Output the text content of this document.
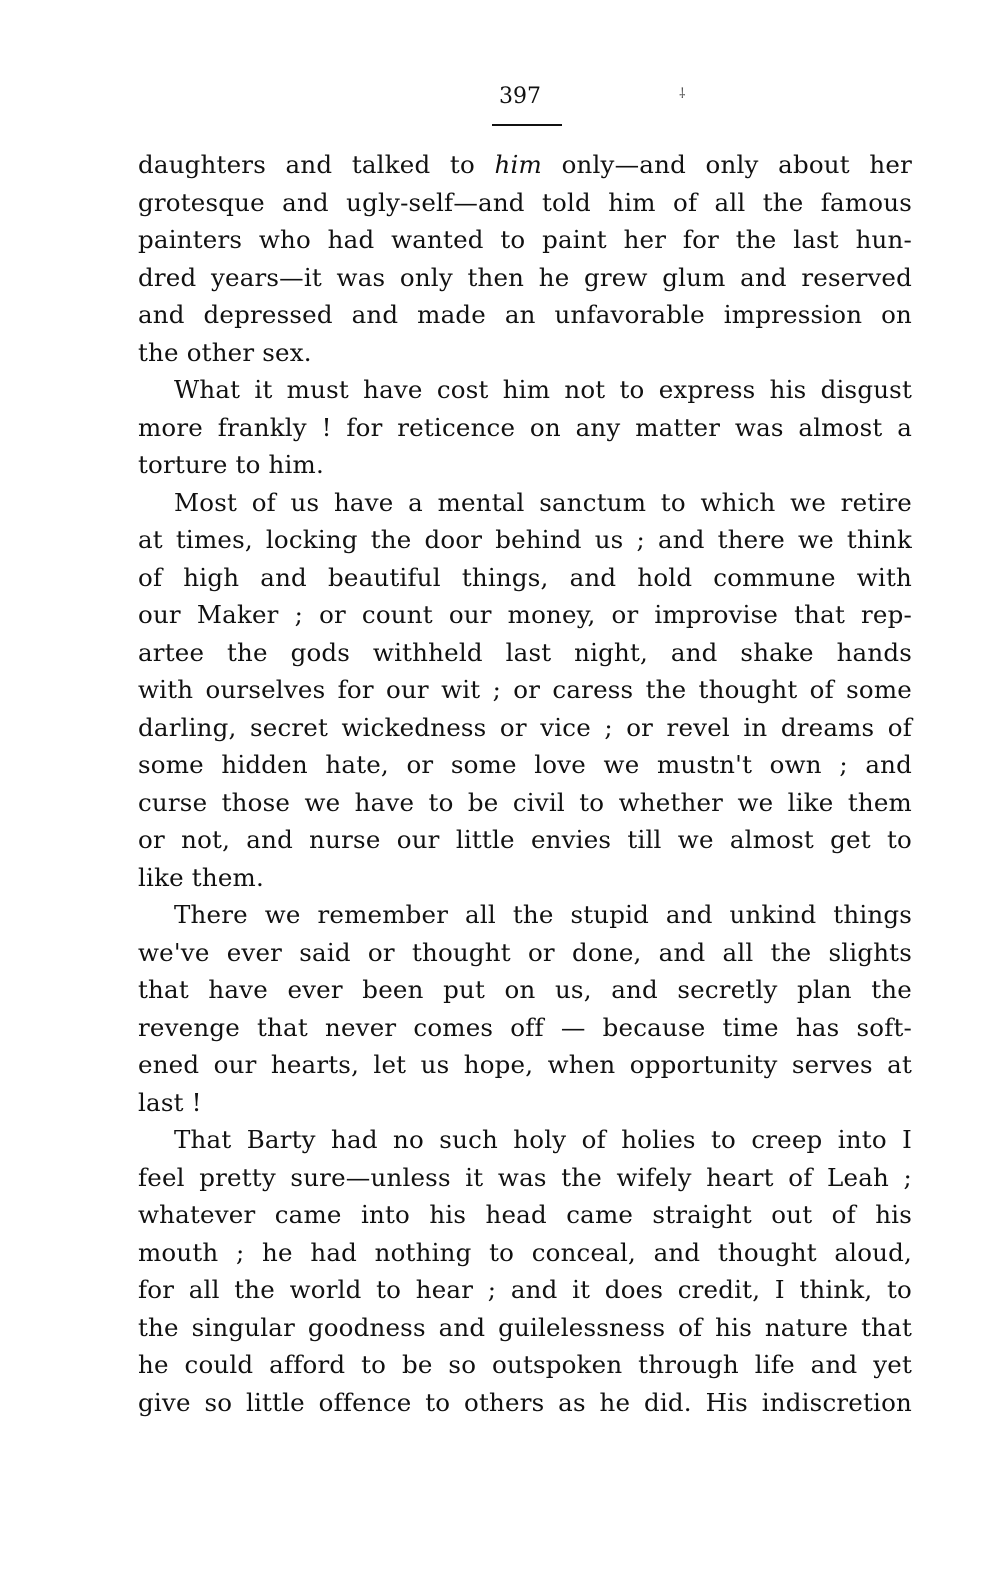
⸸
397
daughters and talked to him only—and only about her
grotesque and ugly-self—and told him of all the famous
painters who had wanted to paint her for the last hun-
dred years—it was only then he grew glum and reserved
and depressed and made an unfavorable impression on
the other sex.
What it must have cost him not to express his disgust
more frankly ! for reticence on any matter was almost a
torture to him.
Most of us have a mental sanctum to which we retire
at times, locking the door behind us ; and there we think
of high and beautiful things, and hold commune with
our Maker ; or count our money, or improvise that rep-
artee the gods withheld last night, and shake hands
with ourselves for our wit ; or caress the thought of some
darling, secret wickedness or vice ; or revel in dreams of
some hidden hate, or some love we mustn't own ; and
curse those we have to be civil to whether we like them
or not, and nurse our little envies till we almost get to
like them.
There we remember all the stupid and unkind things
we've ever said or thought or done, and all the slights
that have ever been put on us, and secretly plan the
revenge that never comes off — because time has soft-
ened our hearts, let us hope, when opportunity serves at
last !
That Barty had no such holy of holies to creep into I
feel pretty sure—unless it was the wifely heart of Leah ;
whatever came into his head came straight out of his
mouth ; he had nothing to conceal, and thought aloud,
for all the world to hear ; and it does credit, I think, to
the singular goodness and guilelessness of his nature that
he could afford to be so outspoken through life and yet
give so little offence to others as he did. His indiscretion
